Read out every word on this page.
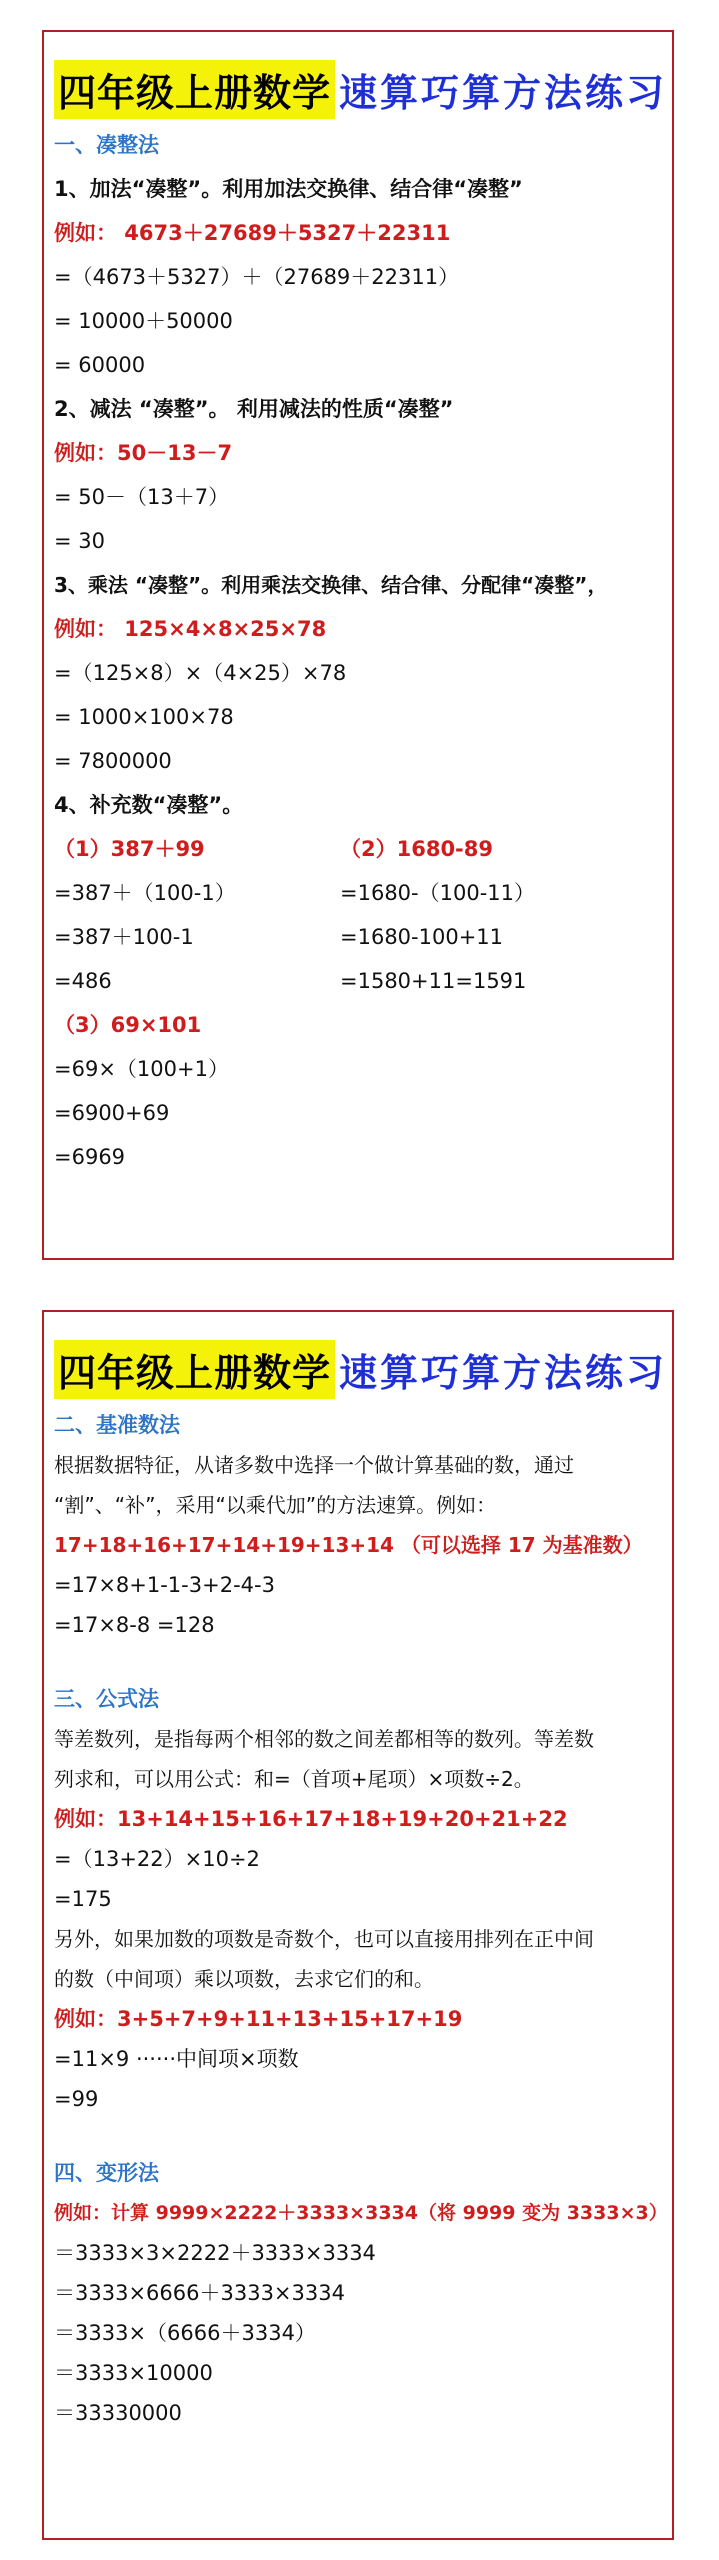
四年级上册数学 速算巧算方法练习
一、凑整法
1、加法“凑整”。利用加法交换律、结合律“凑整”
例如： 4673＋27689＋5327＋22311
=（4673＋5327）＋（27689＋22311）
= 10000＋50000
= 60000
2、减法 “凑整”。 利用减法的性质“凑整”
例如：50－13－7
= 50－（13＋7）
= 30
3、乘法 “凑整”。利用乘法交换律、结合律、分配律“凑整”，
例如： 125×4×8×25×78
=（125×8）×（4×25）×78
= 1000×100×78
= 7800000
4、补充数“凑整”。
（1）387＋99
=387＋（100-1）
=387＋100-1
=486
（2）1680-89
=1680-（100-11）
=1680-100+11
=1580+11=1591
（3）69×101
=69×（100+1）
=6900+69
=6969
四年级上册数学 速算巧算方法练习
二、基准数法
根据数据特征，从诸多数中选择一个做计算基础的数，通过
“割”、“补”，采用“以乘代加”的方法速算。例如：
17+18+16+17+14+19+13+14 （可以选择 17 为基准数）
=17×8+1-1-3+2-4-3
=17×8-8 =128
三、公式法
等差数列，是指每两个相邻的数之间差都相等的数列。等差数
列求和，可以用公式：和=（首项+尾项）×项数÷2。
例如：13+14+15+16+17+18+19+20+21+22
=（13+22）×10÷2
=175
另外，如果加数的项数是奇数个，也可以直接用排列在正中间
的数（中间项）乘以项数，去求它们的和。
例如：3+5+7+9+11+13+15+17+19
=11×9 ······中间项×项数
=99
四、变形法
例如：计算 9999×2222＋3333×3334（将 9999 变为 3333×3）
＝3333×3×2222＋3333×3334
＝3333×6666＋3333×3334
＝3333×（6666＋3334）
＝3333×10000
＝33330000
